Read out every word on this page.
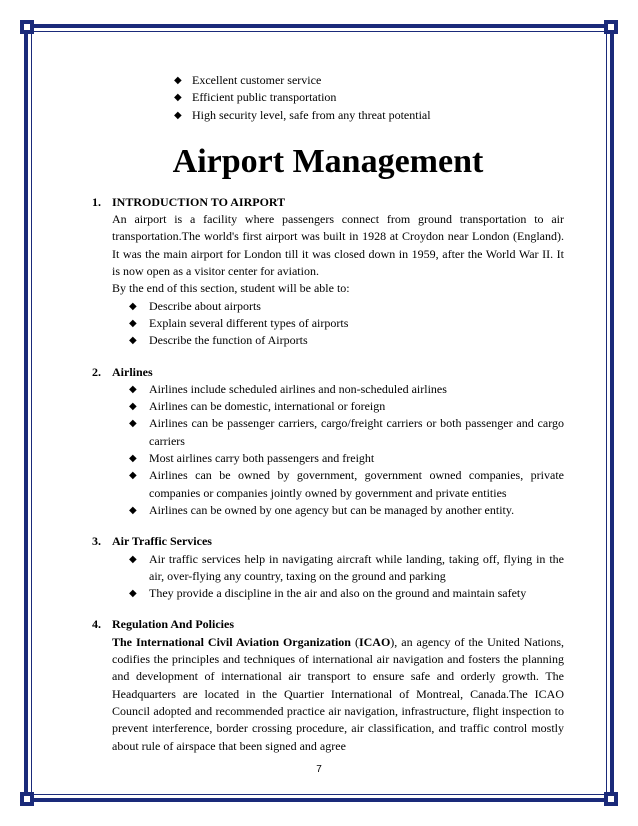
◆ Excellent customer service
◆ Efficient public transportation
◆ High security level, safe from any threat potential
Airport Management
1. INTRODUCTION TO AIRPORT
An airport is a facility where passengers connect from ground transportation to air transportation.The world's first airport was built in 1928 at Croydon near London (England). It was the main airport for London till it was closed down in 1959, after the World War II. It is now open as a visitor center for aviation.
By the end of this section, student will be able to:
◆ Describe about airports
◆ Explain several different types of airports
◆ Describe the function of Airports
2. Airlines
◆ Airlines include scheduled airlines and non-scheduled airlines
◆ Airlines can be domestic, international or foreign
◆ Airlines can be passenger carriers, cargo/freight carriers or both passenger and cargo carriers
◆ Most airlines carry both passengers and freight
◆ Airlines can be owned by government, government owned companies, private companies or companies jointly owned by government and private entities
◆ Airlines can be owned by one agency but can be managed by another entity.
3. Air Traffic Services
◆ Air traffic services help in navigating aircraft while landing, taking off, flying in the air, over-flying any country, taxing on the ground and parking
◆ They provide a discipline in the air and also on the ground and maintain safety
4. Regulation And Policies
The International Civil Aviation Organization (ICAO), an agency of the United Nations, codifies the principles and techniques of international air navigation and fosters the planning and development of international air transport to ensure safe and orderly growth. The Headquarters are located in the Quartier International of Montreal, Canada.The ICAO Council adopted and recommended practice air navigation, infrastructure, flight inspection to prevent interference, border crossing procedure, air classification, and traffic control mostly about rule of airspace that been signed and agree
7
